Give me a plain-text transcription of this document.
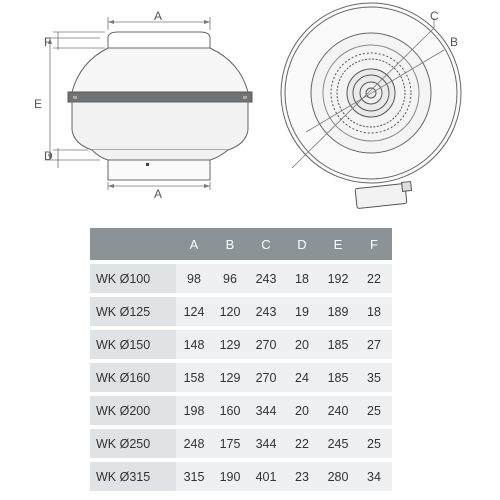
A
A
F
E
D
C
B
	A	B	C	D	E	F
WK Ø100	98	96	243	18	192	22
WK Ø125	124	120	243	19	189	18
WK Ø150	148	129	270	20	185	27
WK Ø160	158	129	270	24	185	35
WK Ø200	198	160	344	20	240	25
WK Ø250	248	175	344	22	245	25
WK Ø315	315	190	401	23	280	34
